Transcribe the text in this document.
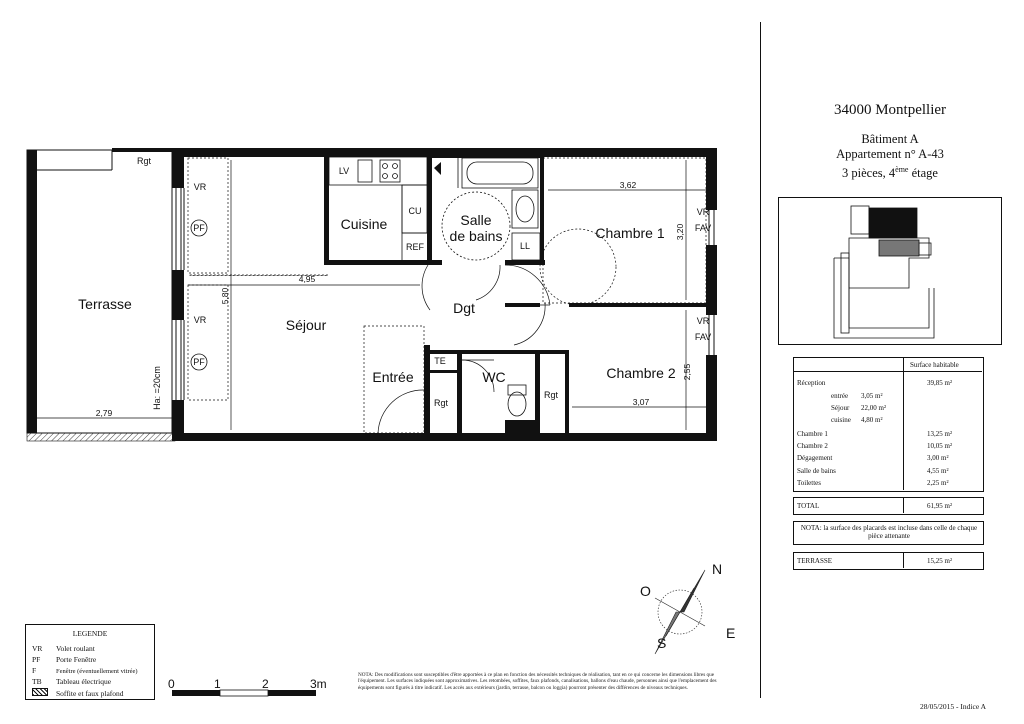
Terrasse
Séjour
Cuisine	Salle
de bains	Chambre 1
Chambre 2
Dgt
Entrée	WC
Rgt
Rgt
Rgt
LV
CU
REF	LL
TE
VR
VR
PF
PF
VR
FAV
VR
FAV
Ha: =20cm
4,95
5,80
2,79
3,62
3,20
2,55
3,07
N
O
S
E
0	1	2	3m
34000 Montpellier
Bâtiment A
Appartement n° A-43
3 pièces, 4ème étage
Surface habitable
Réception	39,85 m²
entrée 3,05 m²
Séjour 22,00 m²
cuisine 4,80 m²
Chambre 1	13,25 m²
Chambre 2	10,05 m²
Dégagement	3,00 m²
Salle de bains	4,55 m²
Toilettes	2,25 m²
TOTAL	61,95 m²
NOTA: la surface des placards est incluse dans celle de chaque pièce attenante
TERRASSE	15,25 m²
LEGENDE
VR Volet roulant
PF Porte Fenêtre
F	Fenêtre (éventuellement vitrée)
TB Tableau électrique
Soffite et faux plafond
NOTA: Des modifications sont susceptibles d'être apportées à ce plan en fonction des nécessités techniques de réalisation, tant en ce qui concerne les dimensions libres que l'équipement. Les surfaces indiquées sont approximatives. Les retombées, soffites, faux plafonds, canalisations, ballons d'eau chaude, personnes ainsi que l'emplacement des équipements sont figurés à titre indicatif. Les accès aux extérieurs (jardin, terrasse, balcon ou loggia) pourront présenter des différences de niveaux techniques.
28/05/2015 - Indice A
